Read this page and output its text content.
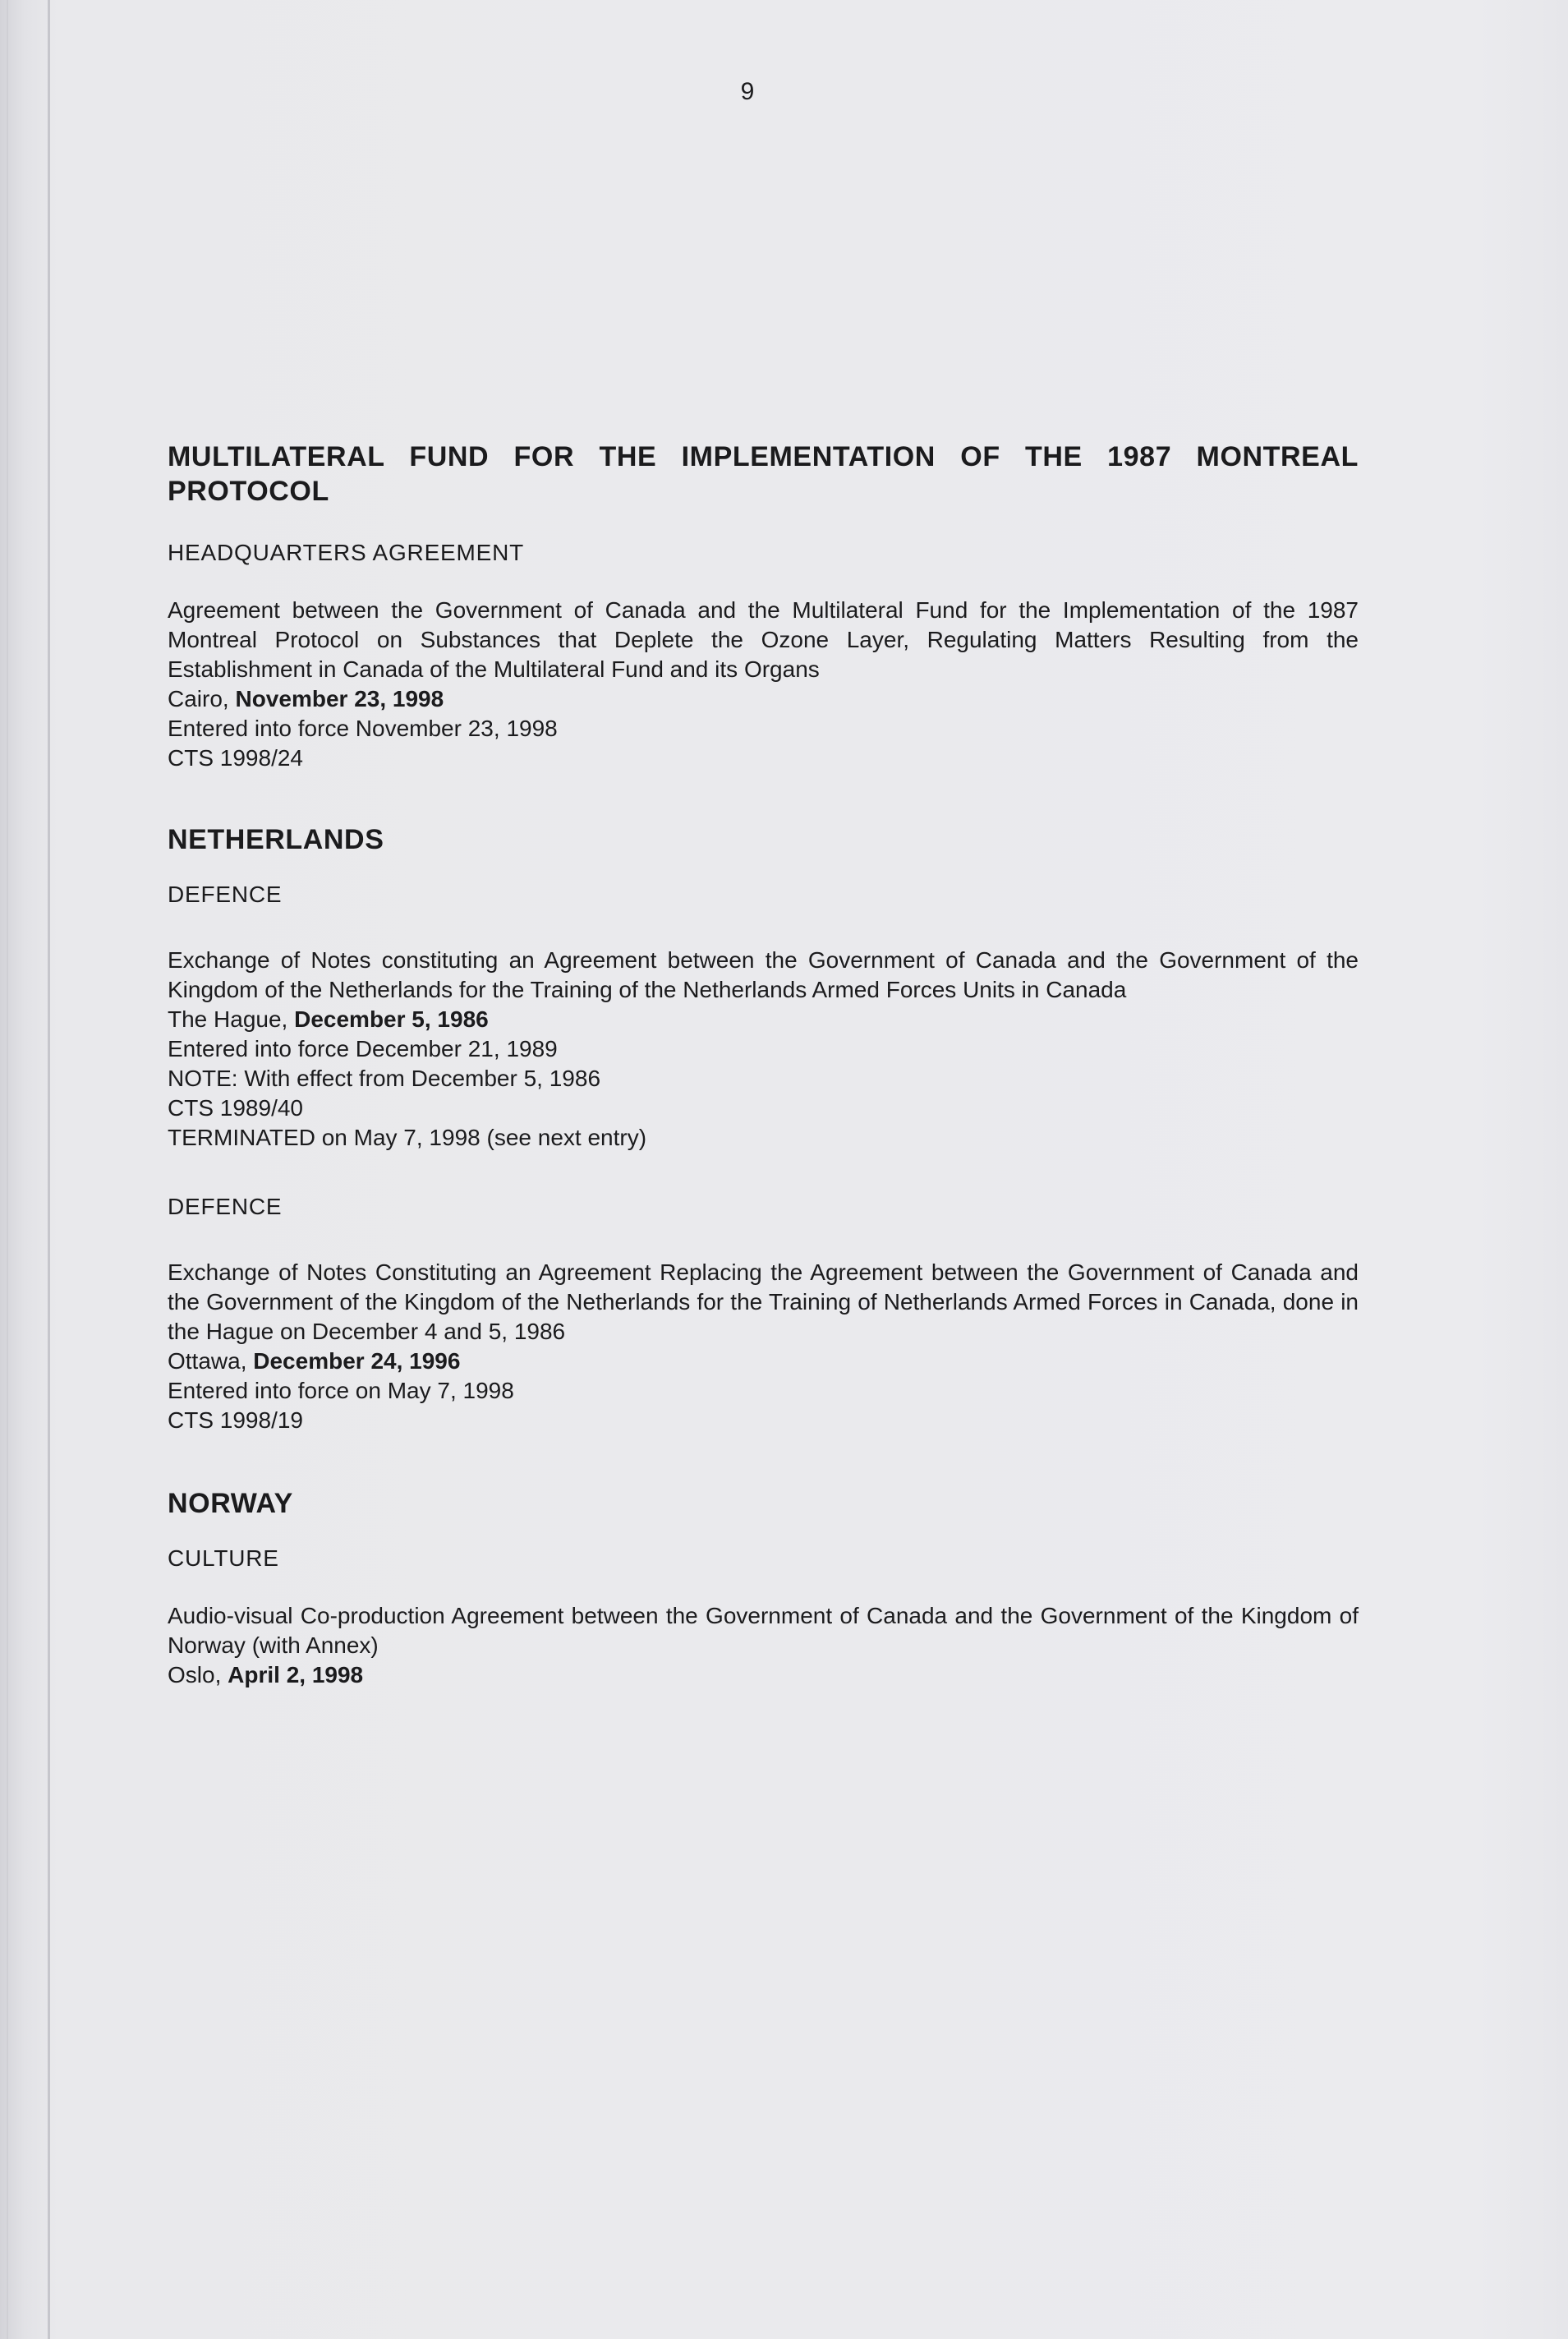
9
MULTILATERAL FUND FOR THE IMPLEMENTATION OF THE 1987 MONTREAL PROTOCOL

HEADQUARTERS AGREEMENT

Agreement between the Government of Canada and the Multilateral Fund for the Implementation of the 1987 Montreal Protocol on Substances that Deplete the Ozone Layer, Regulating Matters Resulting from the Establishment in Canada of the Multilateral Fund and its Organs

Cairo, November 23, 1998

Entered into force November 23, 1998

CTS 1998/24

NETHERLANDS

DEFENCE

Exchange of Notes constituting an Agreement between the Government of Canada and the Government of the Kingdom of the Netherlands for the Training of the Netherlands Armed Forces Units in Canada

The Hague, December 5, 1986

Entered into force December 21, 1989

NOTE: With effect from December 5, 1986

CTS 1989/40

TERMINATED on May 7, 1998 (see next entry)

DEFENCE

Exchange of Notes Constituting an Agreement Replacing the Agreement between the Government of Canada and the Government of the Kingdom of the Netherlands for the Training of Netherlands Armed Forces in Canada, done in the Hague on December 4 and 5, 1986

Ottawa, December 24, 1996

Entered into force on May 7, 1998

CTS 1998/19

NORWAY

CULTURE

Audio-visual Co-production Agreement between the Government of Canada and the Government of the Kingdom of Norway (with Annex)

Oslo, April 2, 1998
